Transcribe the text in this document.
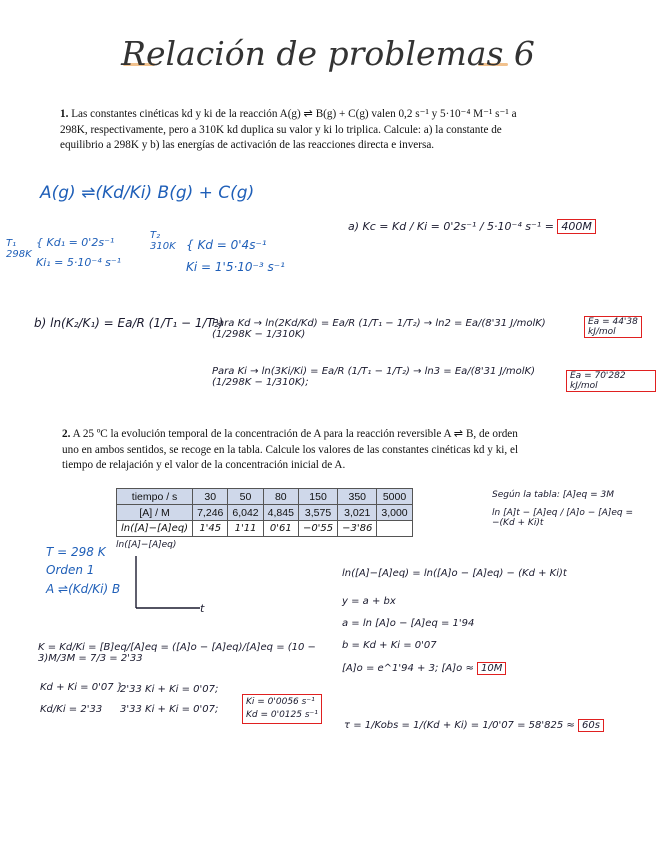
Relación de problemas 6
1. Las constantes cinéticas kd y ki de la reacción A(g) ⇌ B(g) + C(g) valen 0,2 s⁻¹ y 5·10⁻⁴ M⁻¹ s⁻¹ a
298K, respectivamente, pero a 310K kd duplica su valor y ki lo triplica. Calcule: a) la constante de
equilibrio a 298K y b) las energías de activación de las reacciones directa e inversa.
A(g) ⇌(Kd/Ki) B(g) + C(g)
T₁ 298K
{ Kd₁ = 0'2s⁻¹
Ki₁ = 5·10⁻⁴ s⁻¹
T₂ 310K { Kd = 0'4s⁻¹
Ki = 1'5·10⁻³ s⁻¹
a) Kc = Kd / Ki = 0'2s⁻¹ / 5·10⁻⁴ s⁻¹ = 400M
b) ln(K₂/K₁) = Ea/R (1/T₁ − 1/T₂)
Para Kd → ln(2Kd/Kd) = Ea/R (1/T₁ − 1/T₂) → ln2 = Ea/(8'31 J/molK) (1/298K − 1/310K)
Ea = 44'38 kJ/mol
Para Ki → ln(3Ki/Ki) = Ea/R (1/T₁ − 1/T₂) → ln3 = Ea/(8'31 J/molK) (1/298K − 1/310K);
Ea = 70'282 kJ/mol
2. A 25 ºC la evolución temporal de la concentración de A para la reacción reversible A ⇌ B, de orden
uno en ambos sentidos, se recoge en la tabla. Calcule los valores de las constantes cinéticas kd y ki, el
tiempo de relajación y el valor de la concentración inicial de A.
tiempo / s	30	50	80	150	350	5000
[A] / M	7,246	6,042	4,845	3,575	3,021	3,000
ln([A]−[A]eq)	1'45	1'11	0'61	−0'55	−3'86	
Según la tabla: [A]eq = 3M
ln [A]t − [A]eq / [A]o − [A]eq = −(Kd + Ki)t
T = 298 K
Orden 1
A ⇌(Kd/Ki) B
ln([A]−[A]eq)
t
ln([A]−[A]eq) = ln([A]o − [A]eq) − (Kd + Ki)t
y = a + bx
a = ln [A]o − [A]eq = 1'94
b = Kd + Ki = 0'07
[A]o = e^1'94 + 3; [A]o ≈ 10M
K = Kd/Ki = [B]eq/[A]eq = ([A]o − [A]eq)/[A]eq = (10 − 3)M/3M = 7/3 = 2'33
Kd + Ki = 0'07 }
Kd/Ki = 2'33
2'33 Ki + Ki = 0'07;
3'33 Ki + Ki = 0'07;
Ki = 0'0056 s⁻¹
Kd = 0'0125 s⁻¹
τ = 1/Kobs = 1/(Kd + Ki) = 1/0'07 = 58'825 ≈ 60s
